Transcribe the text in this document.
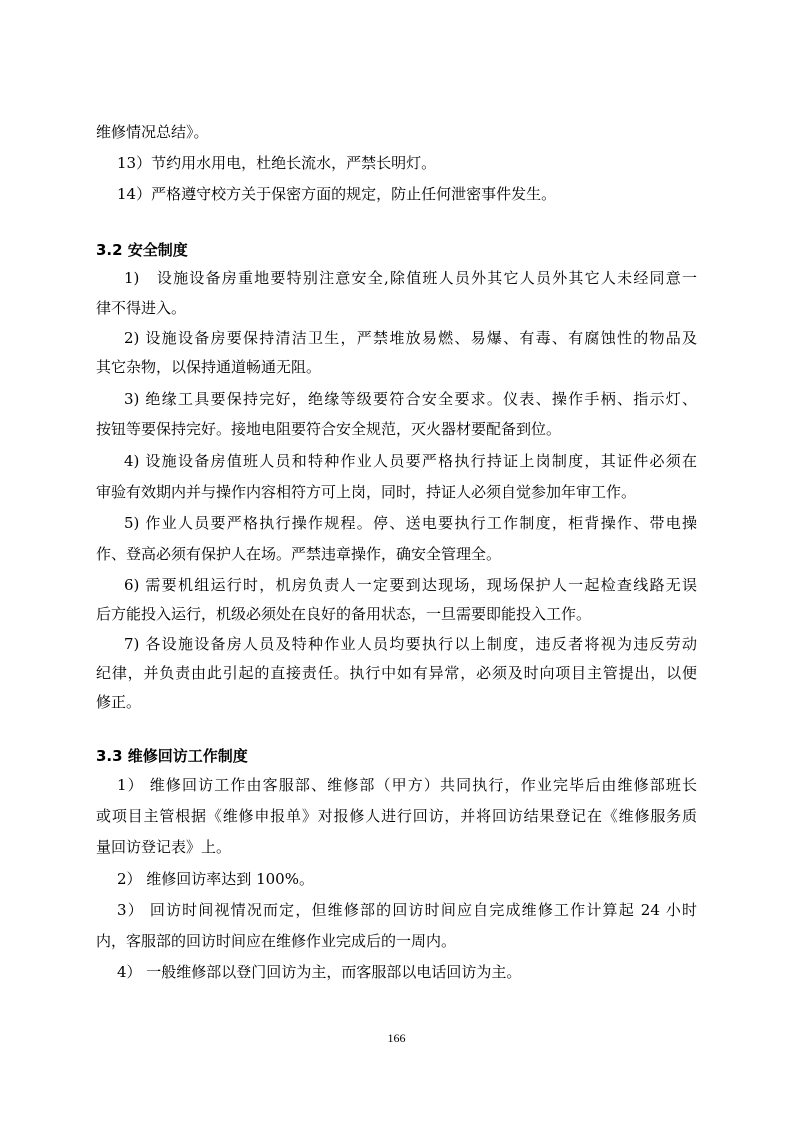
维修情况总结》。
13）节约用水用电，杜绝长流水，严禁长明灯。
14）严格遵守校方关于保密方面的规定，防止任何泄密事件发生。
3.2 安全制度
1)　设施设备房重地要特别注意安全,除值班人员外其它人员外其它人未经同意一
律不得进入。
2) 设施设备房要保持清洁卫生，严禁堆放易燃、易爆、有毒、有腐蚀性的物品及
其它杂物，以保持通道畅通无阻。
3) 绝缘工具要保持完好，绝缘等级要符合安全要求。仪表、操作手柄、指示灯、
按钮等要保持完好。接地电阻要符合安全规范，灭火器材要配备到位。
4) 设施设备房值班人员和特种作业人员要严格执行持证上岗制度，其证件必须在
审验有效期内并与操作内容相符方可上岗，同时，持证人必须自觉参加年审工作。
5) 作业人员要严格执行操作规程。停、送电要执行工作制度，柜背操作、带电操
作、登高必须有保护人在场。严禁违章操作，确安全管理全。
6) 需要机组运行时，机房负责人一定要到达现场，现场保护人一起检查线路无误
后方能投入运行，机级必须处在良好的备用状态，一旦需要即能投入工作。
7) 各设施设备房人员及特种作业人员均要执行以上制度，违反者将视为违反劳动
纪律，并负责由此引起的直接责任。执行中如有异常，必须及时向项目主管提出，以便
修正。
3.3 维修回访工作制度
1） 维修回访工作由客服部、维修部（甲方）共同执行，作业完毕后由维修部班长
或项目主管根据《维修申报单》对报修人进行回访，并将回访结果登记在《维修服务质
量回访登记表》上。
2） 维修回访率达到 100%。
3） 回访时间视情况而定，但维修部的回访时间应自完成维修工作计算起 24 小时
内，客服部的回访时间应在维修作业完成后的一周内。
4） 一般维修部以登门回访为主，而客服部以电话回访为主。
166
